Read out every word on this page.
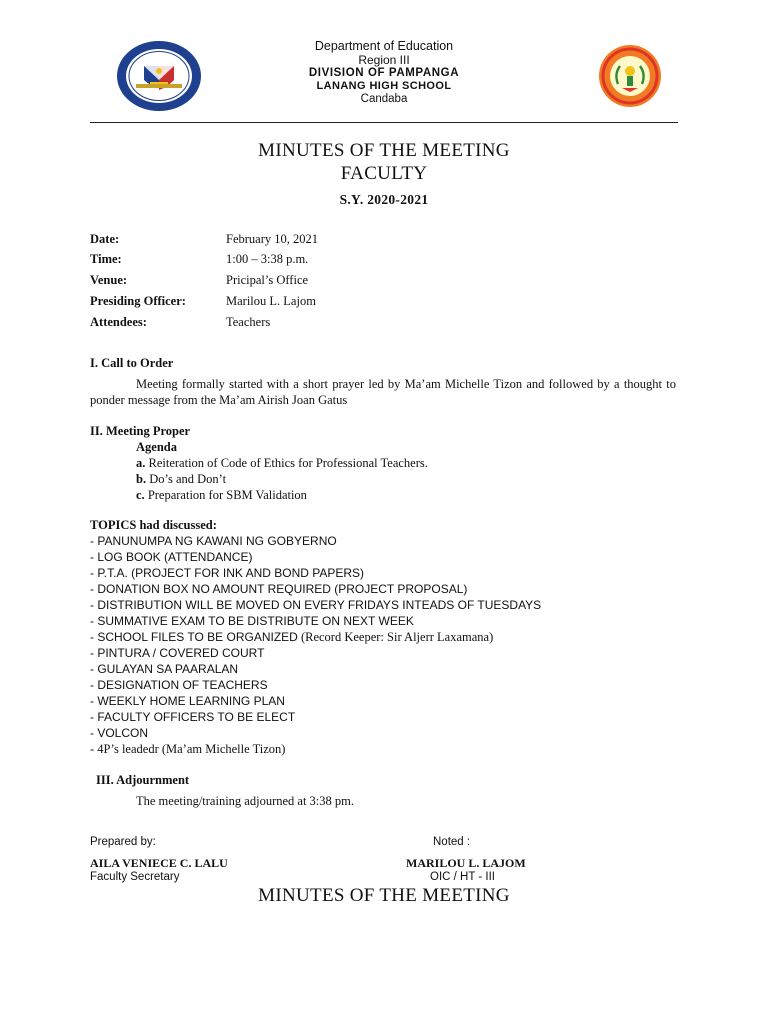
Department of Education
Region III
DIVISION OF PAMPANGA
LANANG HIGH SCHOOL
Candaba
MINUTES OF THE MEETING
FACULTY
S.Y. 2020-2021
Date:	February 10, 2021
Time:	1:00 – 3:38 p.m.
Venue:	Pricipal’s Office
Presiding Officer:	Marilou L. Lajom
Attendees:	Teachers
I. Call to Order
Meeting formally started with a short prayer led by Ma’am Michelle Tizon and followed by a thought to ponder message from the Ma’am Airish Joan Gatus
II. Meeting Proper
Agenda
a. Reiteration of Code of Ethics for Professional Teachers.
b. Do’s and Don’t
c. Preparation for SBM Validation
TOPICS had discussed:
- PANUNUMPA NG KAWANI NG GOBYERNO
- LOG BOOK (ATTENDANCE)
- P.T.A. (PROJECT FOR INK AND BOND PAPERS)
- DONATION BOX NO AMOUNT REQUIRED (PROJECT PROPOSAL)
- DISTRIBUTION WILL BE MOVED ON EVERY FRIDAYS INTEADS OF TUESDAYS
- SUMMATIVE EXAM TO BE DISTRIBUTE ON NEXT WEEK
- SCHOOL FILES TO BE ORGANIZED (Record Keeper: Sir Aljerr Laxamana)
- PINTURA / COVERED COURT
- GULAYAN SA PAARALAN
- DESIGNATION OF TEACHERS
- WEEKLY HOME LEARNING PLAN
- FACULTY OFFICERS TO BE ELECT
- VOLCON
- 4P’s leadedr (Ma’am Michelle Tizon)
III. Adjournment
The meeting/training adjourned at 3:38 pm.
Prepared by:	Noted :
AILA VENIECE C. LALU	MARILOU L. LAJOM
Faculty Secretary	OIC / HT - III
MINUTES OF THE MEETING
